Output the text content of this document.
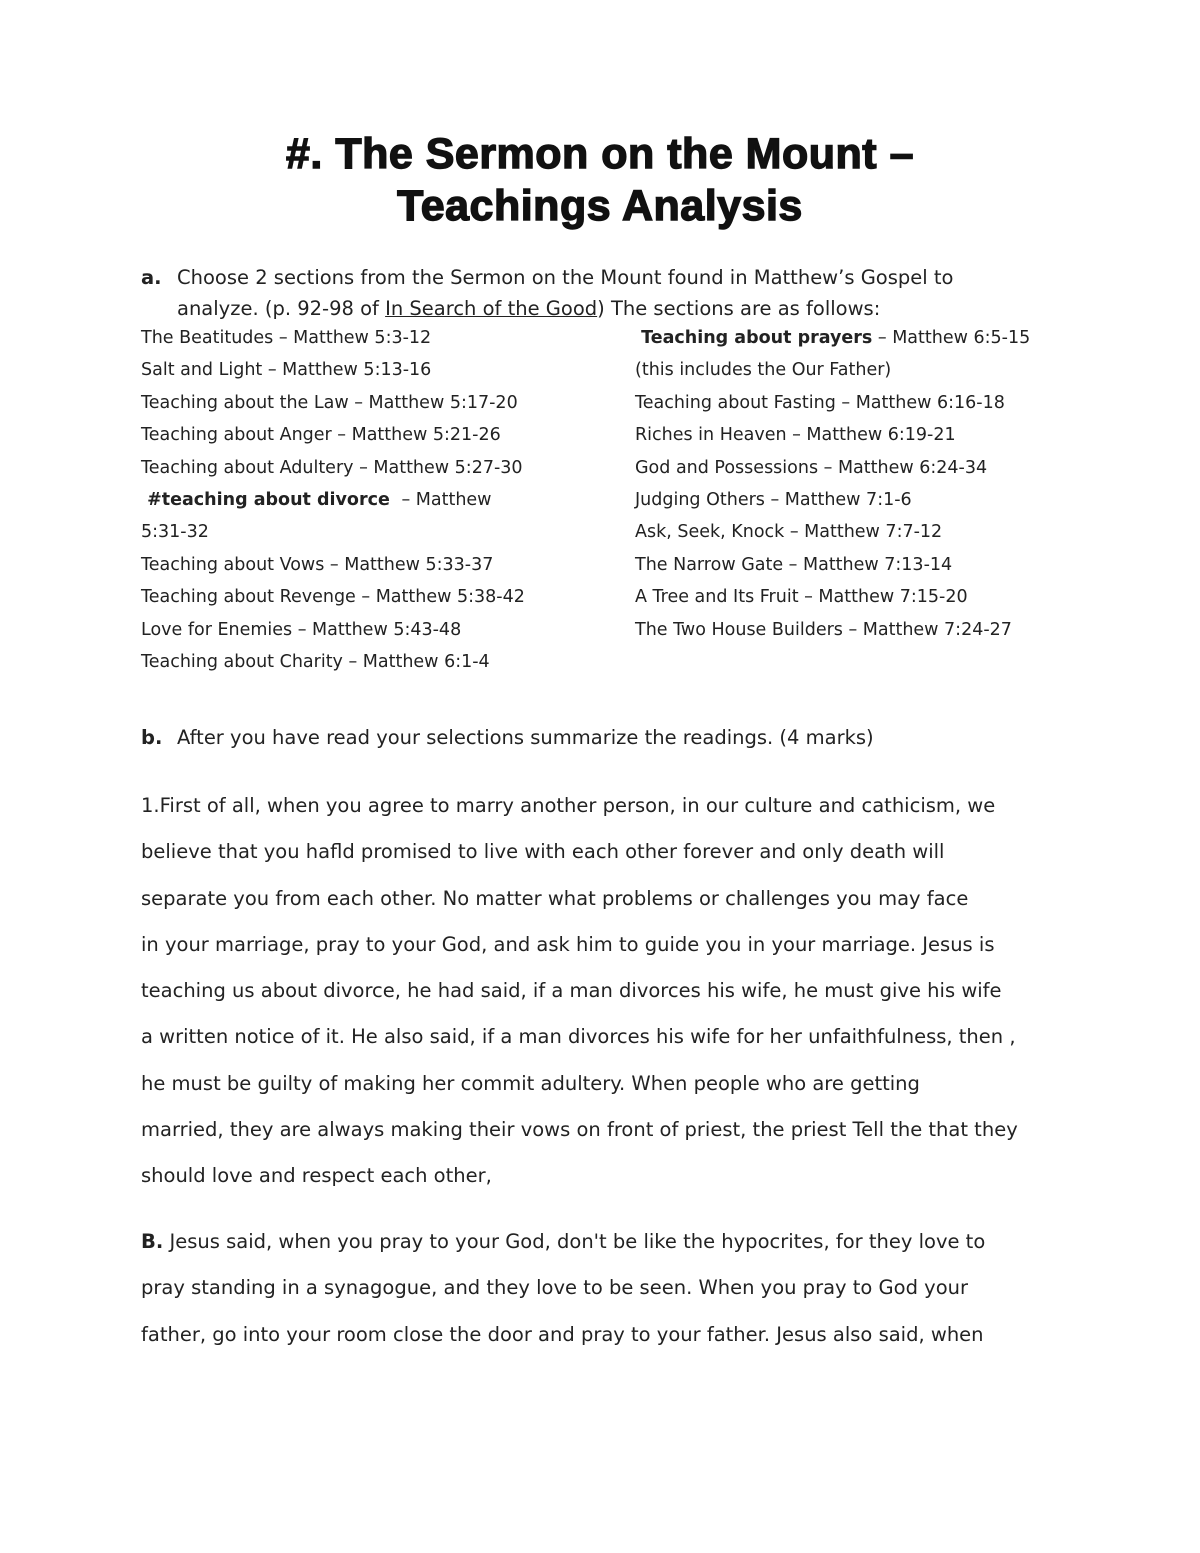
#. The Sermon on the Mount –
Teachings Analysis
a. Choose 2 sections from the Sermon on the Mount found in Matthew’s Gospel to
analyze. (p. 92-98 of In Search of the Good) The sections are as follows:
The Beatitudes – Matthew 5:3-12
Salt and Light – Matthew 5:13-16
Teaching about the Law – Matthew 5:17-20
Teaching about Anger – Matthew 5:21-26
Teaching about Adultery – Matthew 5:27-30
#teaching about divorce  – Matthew
5:31-32
Teaching about Vows – Matthew 5:33-37
Teaching about Revenge – Matthew 5:38-42
Love for Enemies – Matthew 5:43-48
Teaching about Charity – Matthew 6:1-4
Teaching about prayers – Matthew 6:5-15
(this includes the Our Father)
Teaching about Fasting – Matthew 6:16-18
Riches in Heaven – Matthew 6:19-21
God and Possessions – Matthew 6:24-34
Judging Others – Matthew 7:1-6
Ask, Seek, Knock – Matthew 7:7-12
The Narrow Gate – Matthew 7:13-14
A Tree and Its Fruit – Matthew 7:15-20
The Two House Builders – Matthew 7:24-27
b. After you have read your selections summarize the readings. (4 marks)
1.First of all, when you agree to marry another person, in our culture and cathicism, we
believe that you hafld promised to live with each other forever and only death will
separate you from each other. No matter what problems or challenges you may face
in your marriage, pray to your God, and ask him to guide you in your marriage. Jesus is
teaching us about divorce, he had said, if a man divorces his wife, he must give his wife
a written notice of it. He also said, if a man divorces his wife for her unfaithfulness, then ,
he must be guilty of making her commit adultery. When people who are getting
married, they are always making their vows on front of priest, the priest Tell the that they
should love and respect each other,
B. Jesus said, when you pray to your God, don't be like the hypocrites, for they love to
pray standing in a synagogue, and they love to be seen. When you pray to God your
father, go into your room close the door and pray to your father. Jesus also said, when
